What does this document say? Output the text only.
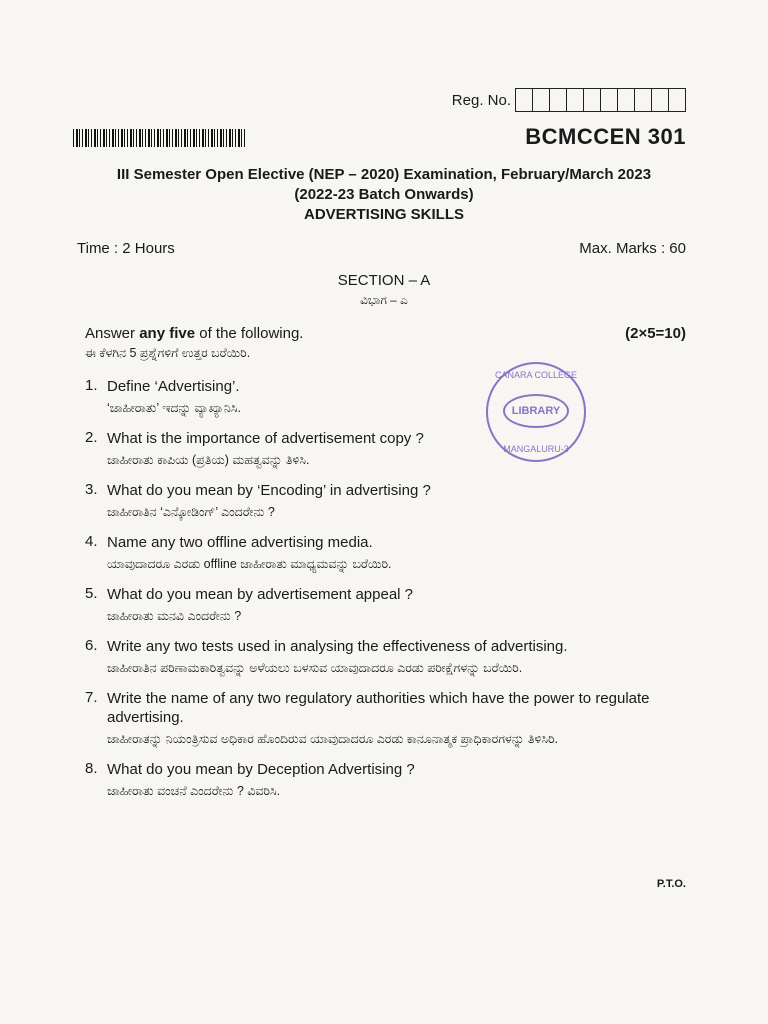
Reg. No.
BCMCCEN 301
III Semester Open Elective (NEP – 2020) Examination, February/March 2023
(2022-23 Batch Onwards)
ADVERTISING SKILLS
Time : 2 Hours	Max. Marks : 60
SECTION – A
ವಿಭಾಗ – ಎ
Answer any five of the following.	(2×5=10)
ಈ ಕೆಳಗಿನ 5 ಪ್ರಶ್ನೆಗಳಿಗೆ ಉತ್ತರ ಬರೆಯಿರಿ.
1. Define ‘Advertising’.
‘ಜಾಹೀರಾತು’ ಇದನ್ನು ವ್ಯಾಖ್ಯಾನಿಸಿ.
2. What is the importance of advertisement copy ?
ಜಾಹೀರಾತು ಕಾಪಿಯ (ಪ್ರತಿಯ) ಮಹತ್ವವನ್ನು ತಿಳಿಸಿ.
3. What do you mean by ‘Encoding’ in advertising ?
ಜಾಹೀರಾತಿನ ‘ಎನ್ಕೋಡಿಂಗ್’ ಎಂದರೇನು ?
4. Name any two offline advertising media.
ಯಾವುದಾದರೂ ಎರಡು offline ಜಾಹೀರಾತು ಮಾಧ್ಯಮವನ್ನು ಬರೆಯಿರಿ.
5. What do you mean by advertisement appeal ?
ಜಾಹೀರಾತು ಮನವಿ ಎಂದರೇನು ?
6. Write any two tests used in analysing the effectiveness of advertising.
ಜಾಹೀರಾತಿನ ಪರಿಣಾಮಕಾರಿತ್ವವನ್ನು ಅಳೆಯಲು ಬಳಸುವ ಯಾವುದಾದರೂ ಎರಡು ಪರೀಕ್ಷೆಗಳನ್ನು ಬರೆಯಿರಿ.
7. Write the name of any two regulatory authorities which have the power to regulate advertising.
ಜಾಹೀರಾತನ್ನು ನಿಯಂತ್ರಿಸುವ ಅಧಿಕಾರ ಹೊಂದಿರುವ ಯಾವುದಾದರೂ ಎರಡು ಕಾನೂನಾತ್ಮಕ ಪ್ರಾಧಿಕಾರಗಳನ್ನು ತಿಳಿಸಿರಿ.
8. What do you mean by Deception Advertising ?
ಜಾಹೀರಾತು ವಂಚನೆ ಎಂದರೇನು ? ವಿವರಿಸಿ.
CANARA COLLEGE
LIBRARY
MANGALURU-3
P.T.O.
